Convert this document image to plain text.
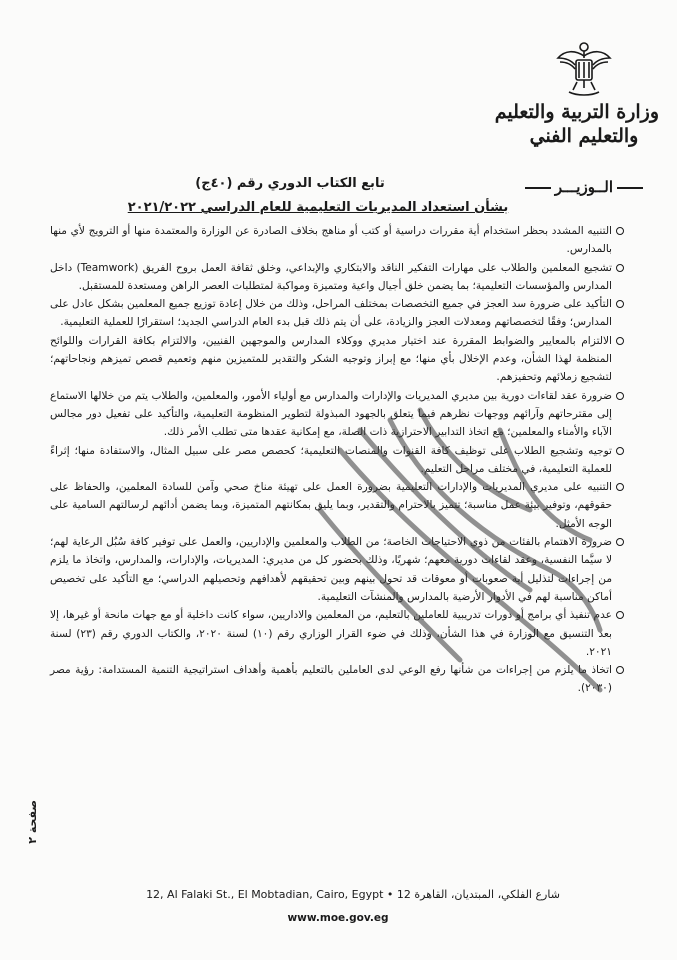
وزارة التربية والتعليم
والتعليم الفني
الــوزيـــر
تابع الكتاب الدوري رقم (٤٠ج)
بشأن استعداد المديريات التعليمية للعام الدراسي ٢٠٢١/٢٠٢٢

التنبيه المشدد بحظر استخدام أية مقررات دراسية أو كتب أو مناهج بخلاف الصادرة عن الوزارة والمعتمدة منها أو الترويج لأي منها بالمدارس.

تشجيع المعلمين والطلاب على مهارات التفكير الناقد والابتكاري والإبداعي، وخلق ثقافة العمل بروح الفريق (Teamwork) داخل المدارس والمؤسسات التعليمية؛ بما يضمن خلق أجيال واعية ومتميزة ومواكبة لمتطلبات العصر الراهن ومستعدة للمستقبل.

التأكيد على ضرورة سد العجز في جميع التخصصات بمختلف المراحل، وذلك من خلال إعادة توزيع جميع المعلمين بشكل عادل على المدارس؛ وفقًا لتخصصاتهم ومعدلات العجز والزيادة، على أن يتم ذلك قبل بدء العام الدراسي الجديد؛ استقرارًا للعملية التعليمية.

الالتزام بالمعايير والضوابط المقررة عند اختيار مديري ووكلاء المدارس والموجهين الفنيين، والالتزام بكافة القرارات واللوائح المنظمة لهذا الشأن، وعدم الإخلال بأي منها؛ مع إبراز وتوجيه الشكر والتقدير للمتميزين منهم وتعميم قصص تميزهم ونجاحاتهم؛ لتشجيع زملائهم وتحفيزهم.

ضرورة عقد لقاءات دورية بين مديري المديريات والإدارات والمدارس مع أولياء الأمور، والمعلمين، والطلاب يتم من خلالها الاستماع إلى مقترحاتهم وآرائهم ووجهات نظرهم فيما يتعلق بالجهود المبذولة لتطوير المنظومة التعليمية، والتأكيد على تفعيل دور مجالس الآباء والأمناء والمعلمين؛ مع اتخاذ التدابير الاحترازية ذات الصلة، مع إمكانية عقدها متى تطلب الأمر ذلك.

توجيه وتشجيع الطلاب على توظيف كافة القنوات والمنصات التعليمية؛ كحصص مصر على سبيل المثال، والاستفادة منها؛ إثراءً للعملية التعليمية، في مختلف مراحل التعليم.

التنبيه على مديري المديريات والإدارات التعليمية بضرورة العمل على تهيئة مناخ صحي وآمن للسادة المعلمين، والحفاظ على حقوقهم، وتوفير بيئة عمل مناسبة؛ تتميز بالاحترام والتقدير، وبما يليق بمكانتهم المتميزة، وبما يضمن أدائهم لرسالتهم السامية على الوجه الأمثل.

ضرورة الاهتمام بالفئات من ذوي الاحتياجات الخاصة؛ من الطلاب والمعلمين والإداريين، والعمل على توفير كافة سُبُل الرعاية لهم؛ لا سيَّما النفسية، وعقد لقاءات دورية معهم؛ شهريًا، وذلك بحضور كل من مديري: المديريات، والإدارات، والمدارس، واتخاذ ما يلزم من إجراءات لتذليل أية صعوبات أو معوقات قد تحول بينهم وبين تحقيقهم لأهدافهم وتحصيلهم الدراسي؛ مع التأكيد على تخصيص أماكن مناسبة لهم في الأدوار الأرضية بالمدارس والمنشآت التعليمية.

عدم تنفيذ أي برامج أو دورات تدريبية للعاملين بالتعليم، من المعلمين والاداريين، سواء كانت داخلية أو مع جهات مانحة أو غيرها، إلا بعد التنسيق مع الوزارة في هذا الشأن، وذلك في ضوء القرار الوزاري رقم (١٠) لسنة ٢٠٢٠، والكتاب الدوري رقم (٢٣) لسنة ٢٠٢١.

اتخاذ ما يلزم من إجراءات من شأنها رفع الوعي لدى العاملين بالتعليم بأهمية وأهداف استراتيجية التنمية المستدامة: رؤية مصر (٢٠٣٠).

صفحة ٢
12, Al Falaki St., El Mobtadian, Cairo, Egypt • 12 شارع الفلكي، المبتديان، القاهرة
www.moe.gov.eg
